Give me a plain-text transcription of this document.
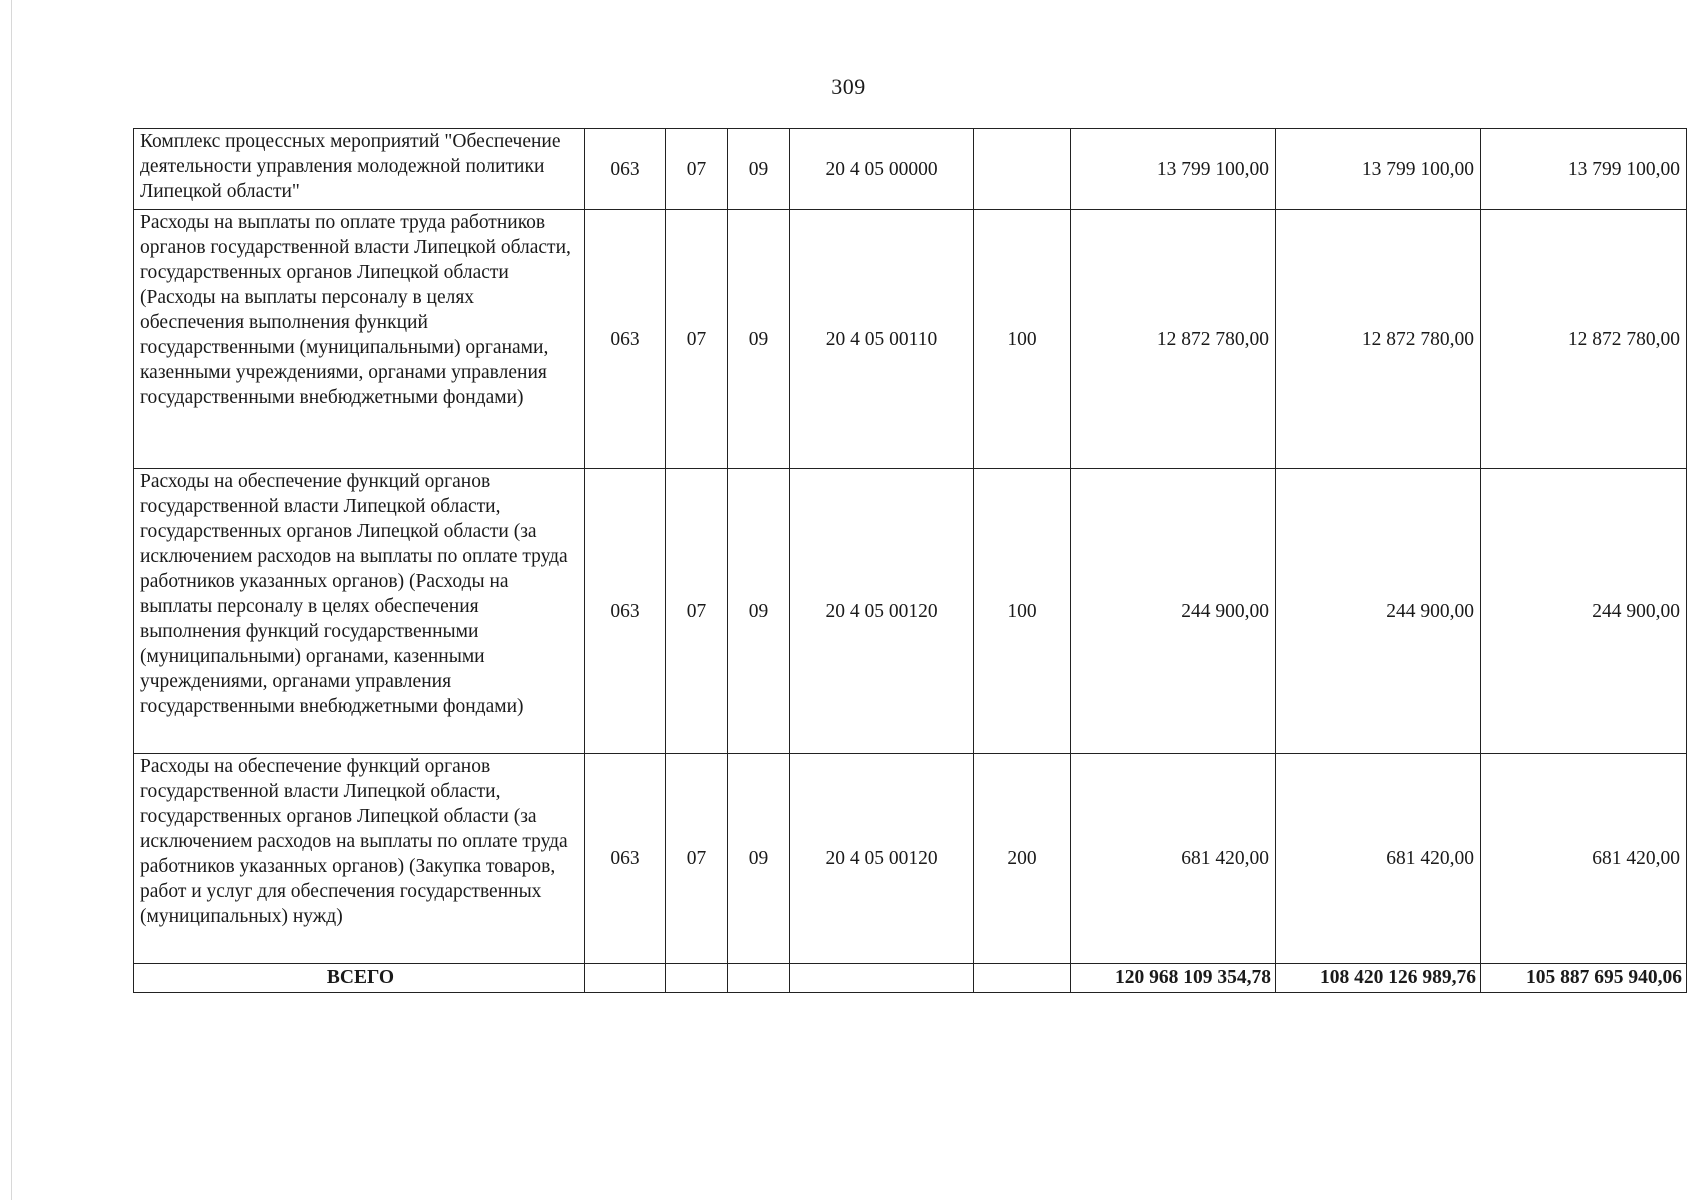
309
Комплекс процессных мероприятий "Обеспечение деятельности управления молодежной политики Липецкой области"	063	07	09	20 4 05 00000		13 799 100,00	13 799 100,00	13 799 100,00
Расходы на выплаты по оплате труда работников органов государственной власти Липецкой области, государственных органов Липецкой области (Расходы на выплаты персоналу в целях обеспечения выполнения функций государственными (муниципальными) органами, казенными учреждениями, органами управления государственными внебюджетными фондами)	063	07	09	20 4 05 00110	100	12 872 780,00	12 872 780,00	12 872 780,00
Расходы на обеспечение функций органов государственной власти Липецкой области, государственных органов Липецкой области (за исключением расходов на выплаты по оплате труда работников указанных органов) (Расходы на выплаты персоналу в целях обеспечения выполнения функций государственными (муниципальными) органами, казенными учреждениями, органами управления государственными внебюджетными фондами)	063	07	09	20 4 05 00120	100	244 900,00	244 900,00	244 900,00
Расходы на обеспечение функций органов государственной власти Липецкой области, государственных органов Липецкой области (за исключением расходов на выплаты по оплате труда работников указанных органов) (Закупка товаров, работ и услуг для обеспечения государственных (муниципальных) нужд)	063	07	09	20 4 05 00120	200	681 420,00	681 420,00	681 420,00
ВСЕГО						120 968 109 354,78	108 420 126 989,76	105 887 695 940,06
